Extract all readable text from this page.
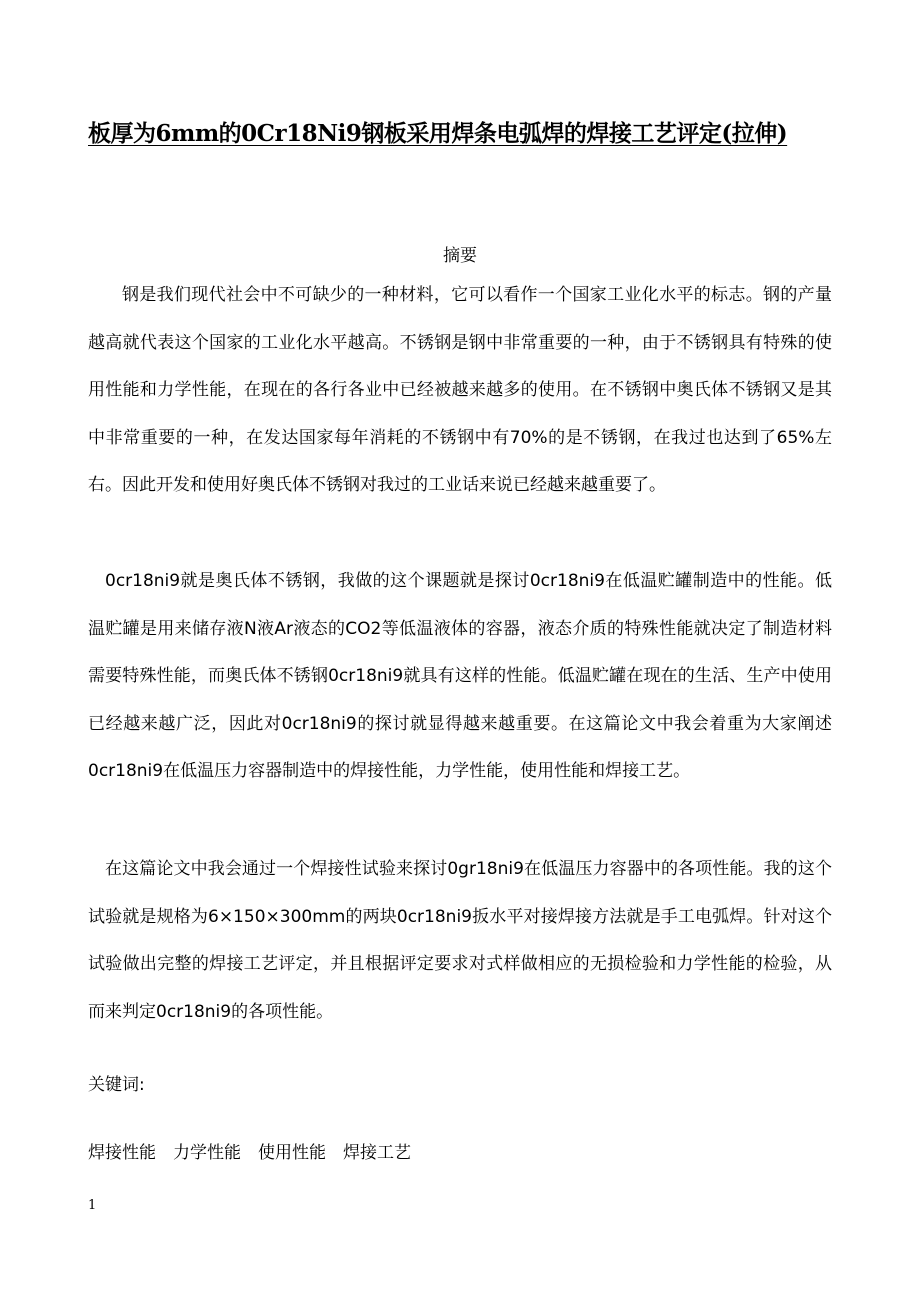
板厚为6mm的0Cr18Ni9钢板采用焊条电弧焊的焊接工艺评定(拉伸)

摘要

钢是我们现代社会中不可缺少的一种材料，它可以看作一个国家工业化水平的标志。钢的产量越高就代表这个国家的工业化水平越高。不锈钢是钢中非常重要的一种，由于不锈钢具有特殊的使用性能和力学性能，在现在的各行各业中已经被越来越多的使用。在不锈钢中奥氏体不锈钢又是其中非常重要的一种，在发达国家每年消耗的不锈钢中有70%的是不锈钢，在我过也达到了65%左右。因此开发和使用好奥氏体不锈钢对我过的工业话来说已经越来越重要了。

0cr18ni9就是奥氏体不锈钢，我做的这个课题就是探讨0cr18ni9在低温贮罐制造中的性能。低温贮罐是用来储存液N液Ar液态的CO2等低温液体的容器，液态介质的特殊性能就决定了制造材料需要特殊性能，而奥氏体不锈钢0cr18ni9就具有这样的性能。低温贮罐在现在的生活、生产中使用已经越来越广泛，因此对0cr18ni9的探讨就显得越来越重要。在这篇论文中我会着重为大家阐述0cr18ni9在低温压力容器制造中的焊接性能，力学性能，使用性能和焊接工艺。

在这篇论文中我会通过一个焊接性试验来探讨0gr18ni9在低温压力容器中的各项性能。我的这个试验就是规格为6×150×300mm的两块0cr18ni9扳水平对接焊接方法就是手工电弧焊。针对这个试验做出完整的焊接工艺评定，并且根据评定要求对式样做相应的无损检验和力学性能的检验，从而来判定0cr18ni9的各项性能。

关键词:

焊接性能 力学性能 使用性能 焊接工艺

1
